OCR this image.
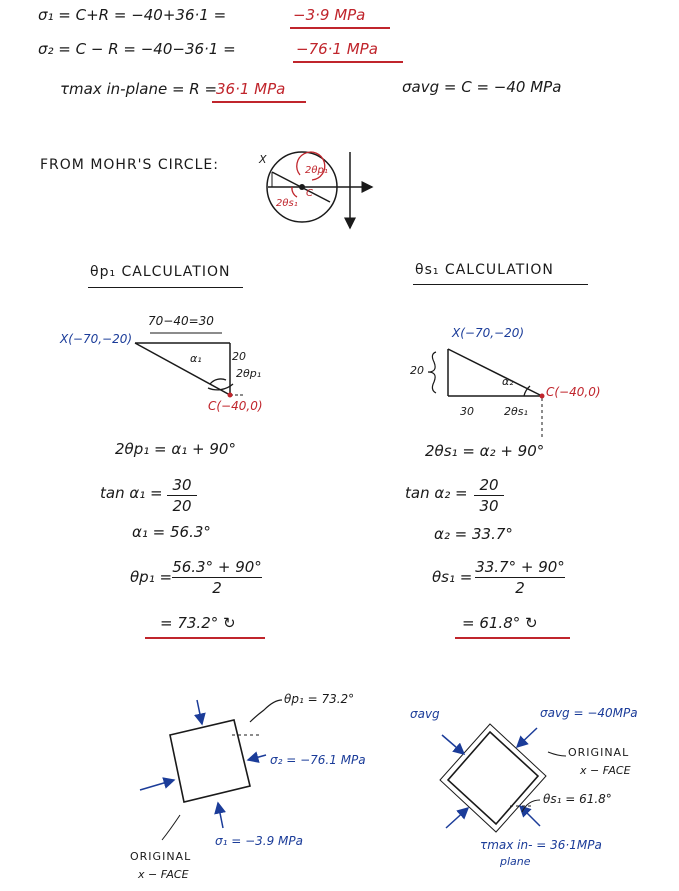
σ₁ = C+R = −40+36·1 =	−3·9 MPa
σ₂ = C − R = −40−36·1 =	−76·1 MPa
τmax in-plane = R =
36·1 MPa	σavg = C = −40 MPa
FROM MOHR'S CIRCLE:	X
2θp₁
C
2θs₁
θp₁ CALCULATION
70−40=30
X(−70,−20)
α₁	20
2θp₁
C(−40,0)
2θp₁ = α₁ + 90°
tan α₁ = 30
20
α₁ = 56.3°
θp₁ =
56.3° + 90°
2
= 73.2° ↻
θs₁ CALCULATION
X(−70,−20)
20
α₂
C(−40,0)
30	2θs₁
2θs₁ = α₂ + 90°
tan α₂ = 20
30
α₂ = 33.7°
θs₁ =
33.7° + 90°
2
= 61.8° ↻
θp₁ = 73.2°
σ₂ = −76.1 MPa
σ₁ = −3.9 MPa
ORIGINAL
x − FACE
σavg	σavg = −40MPa
ORIGINAL
x − FACE
θs₁ = 61.8°
τmax in- = 36·1MPa
plane
